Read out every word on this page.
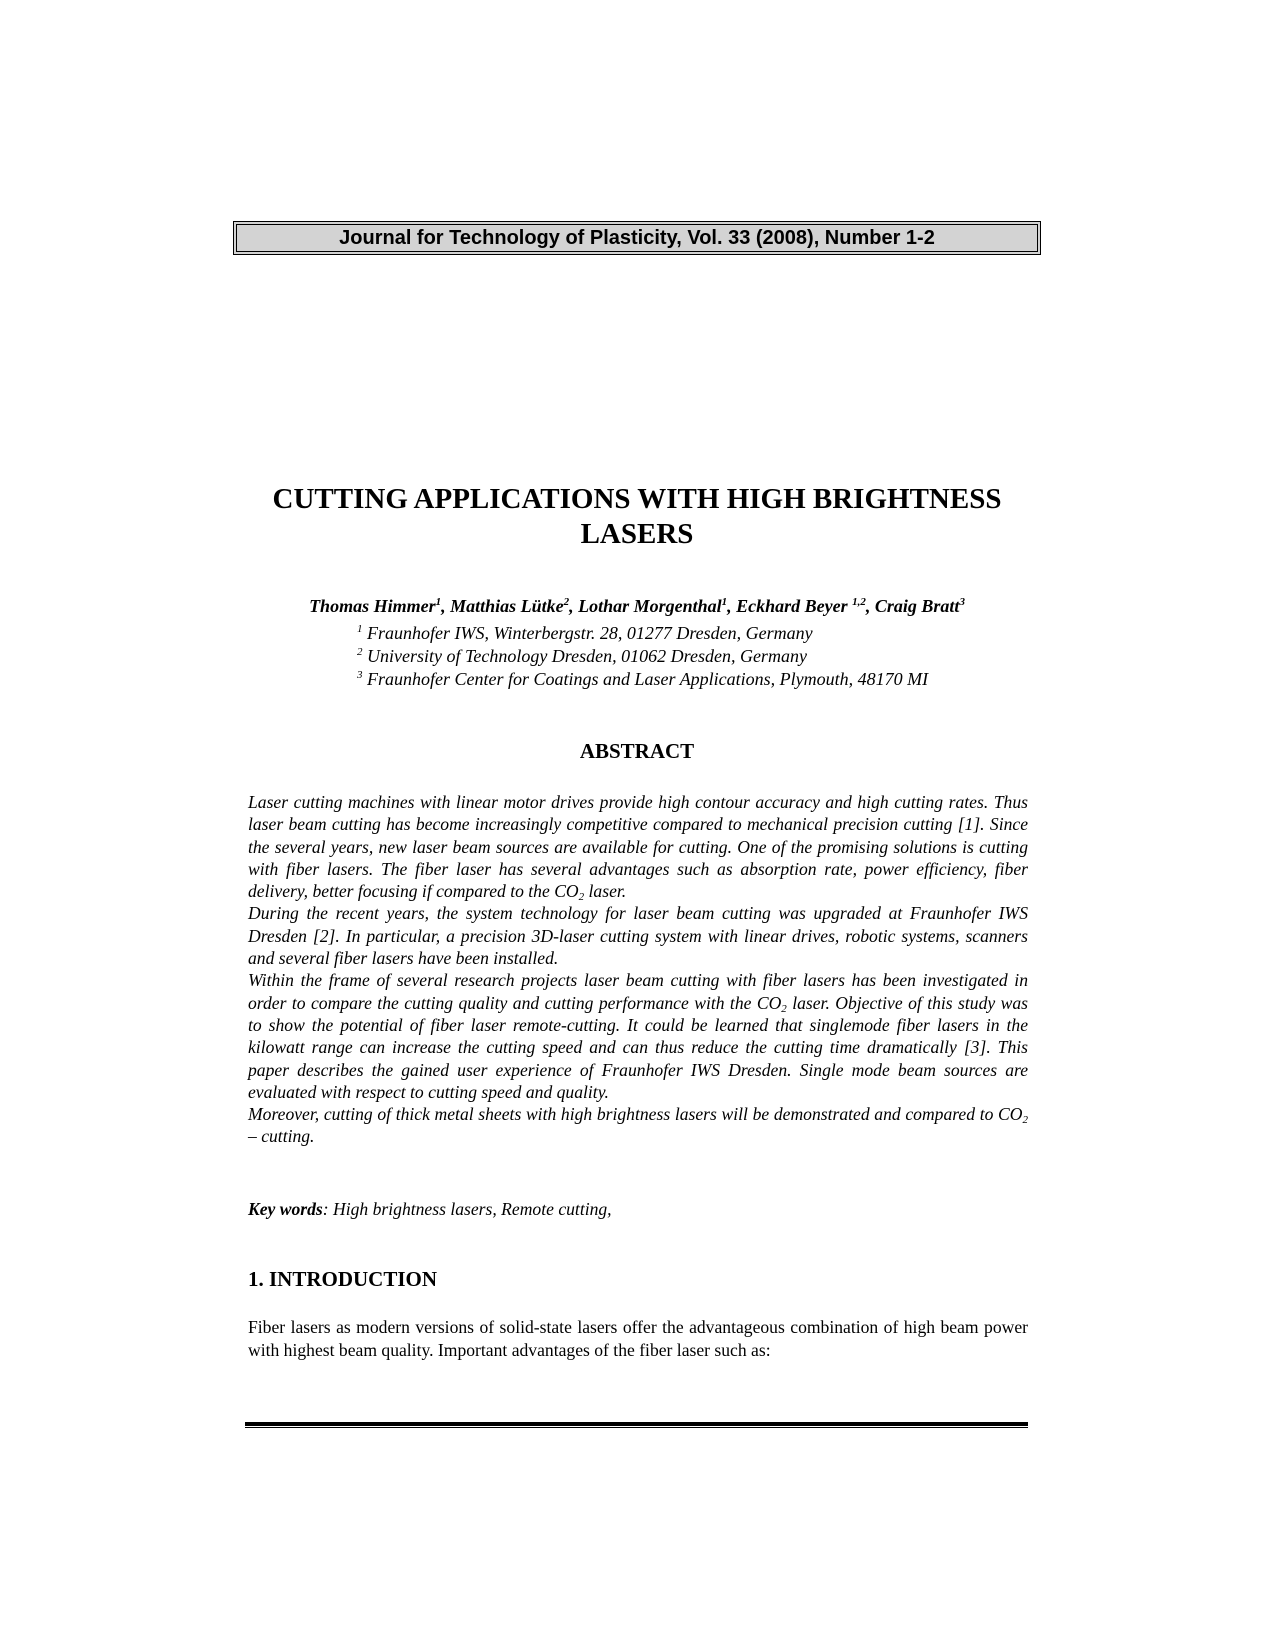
Journal for Technology of Plasticity, Vol. 33 (2008), Number 1-2
CUTTING APPLICATIONS WITH HIGH BRIGHTNESS
LASERS
Thomas Himmer$^1$, Matthias Lütke$^2$, Lothar Morgenthal$^1$, Eckhard Beyer $^{1,2}$, Craig Bratt$^3$
$^1$ Fraunhofer IWS, Winterbergstr. 28, 01277 Dresden, Germany
$^2$ University of Technology Dresden, 01062 Dresden, Germany
$^3$ Fraunhofer Center for Coatings and Laser Applications, Plymouth, 48170 MI
ABSTRACT

Laser cutting machines with linear motor drives provide high contour accuracy and high cutting rates. Thus laser beam cutting has become increasingly competitive compared to mechanical precision cutting [1]. Since the several years, new laser beam sources are available for cutting. One of the promising solutions is cutting with fiber lasers. The fiber laser has several advantages such as absorption rate, power efficiency, fiber delivery, better focusing if compared to the $CO_2$ laser.

During the recent years, the system technology for laser beam cutting was upgraded at Fraunhofer IWS Dresden [2]. In particular, a precision 3D-laser cutting system with linear drives, robotic systems, scanners and several fiber lasers have been installed.

Within the frame of several research projects laser beam cutting with fiber lasers has been investigated in order to compare the cutting quality and cutting performance with the $CO_2$ laser. Objective of this study was to show the potential of fiber laser remote-cutting. It could be learned that singlemode fiber lasers in the kilowatt range can increase the cutting speed and can thus reduce the cutting time dramatically [3]. This paper describes the gained user experience of Fraunhofer IWS Dresden. Single mode beam sources are evaluated with respect to cutting speed and quality.

Moreover, cutting of thick metal sheets with high brightness lasers will be demonstrated and compared to $CO_2$ – cutting.

Key words: High brightness lasers, Remote cutting,
1. INTRODUCTION

Fiber lasers as modern versions of solid-state lasers offer the advantageous combination of high beam power with highest beam quality. Important advantages of the fiber laser such as:
